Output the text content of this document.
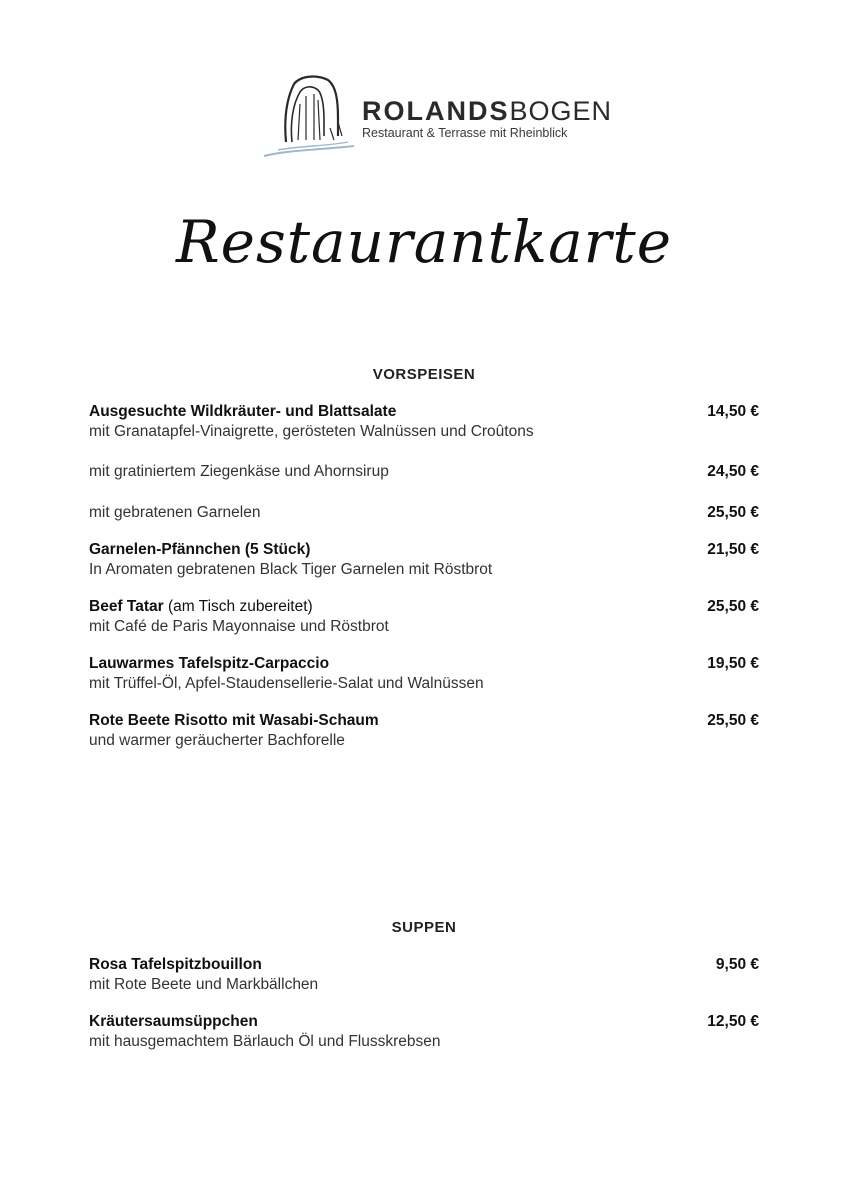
ROLANDSBOGEN
Restaurant & Terrasse mit Rheinblick
Restaurantkarte
VORSPEISEN
Ausgesuchte Wildkräuter- und Blattsalate
mit Granatapfel-Vinaigrette, gerösteten Walnüssen und Croûtons
14,50 €
mit gratiniertem Ziegenkäse und Ahornsirup	24,50 €
mit gebratenen Garnelen	25,50 €
Garnelen-Pfännchen (5 Stück)
In Aromaten gebratenen Black Tiger Garnelen mit Röstbrot
21,50 €
Beef Tatar (am Tisch zubereitet)
mit Café de Paris Mayonnaise und Röstbrot
25,50 €
Lauwarmes Tafelspitz-Carpaccio
mit Trüffel-Öl, Apfel-Staudensellerie-Salat und Walnüssen
19,50 €
Rote Beete Risotto mit Wasabi-Schaum
und warmer geräucherter Bachforelle
25,50 €
SUPPEN
Rosa Tafelspitzbouillon
mit Rote Beete und Markbällchen
9,50 €
Kräutersaumsüppchen
mit hausgemachtem Bärlauch Öl und Flusskrebsen
12,50 €
